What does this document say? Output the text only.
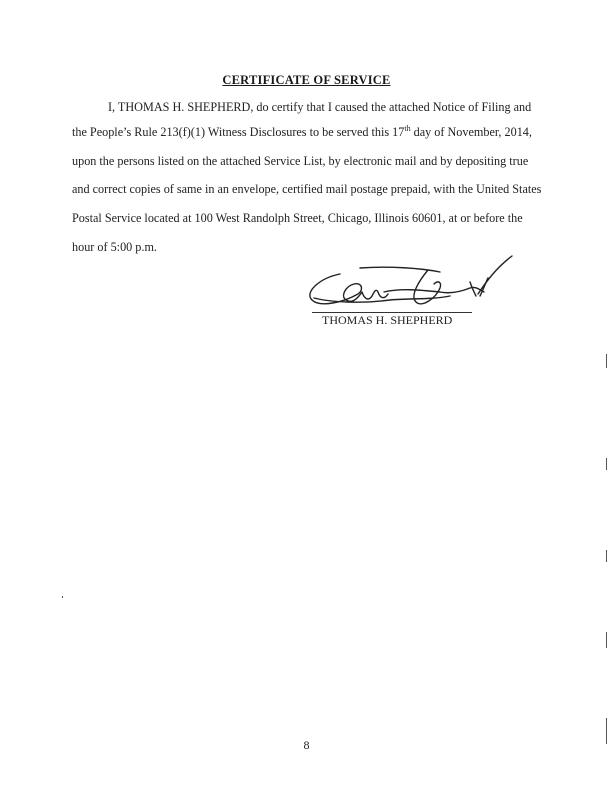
CERTIFICATE OF SERVICE
I, THOMAS H. SHEPHERD, do certify that I caused the attached Notice of Filing and
the People’s Rule 213(f)(1) Witness Disclosures to be served this 17th day of November, 2014,
upon the persons listed on the attached Service List, by electronic mail and by depositing true
and correct copies of same in an envelope, certified mail postage prepaid, with the United States
Postal Service located at 100 West Randolph Street, Chicago, Illinois 60601, at or before the
hour of 5:00 p.m.
THOMAS H. SHEPHERD
8
